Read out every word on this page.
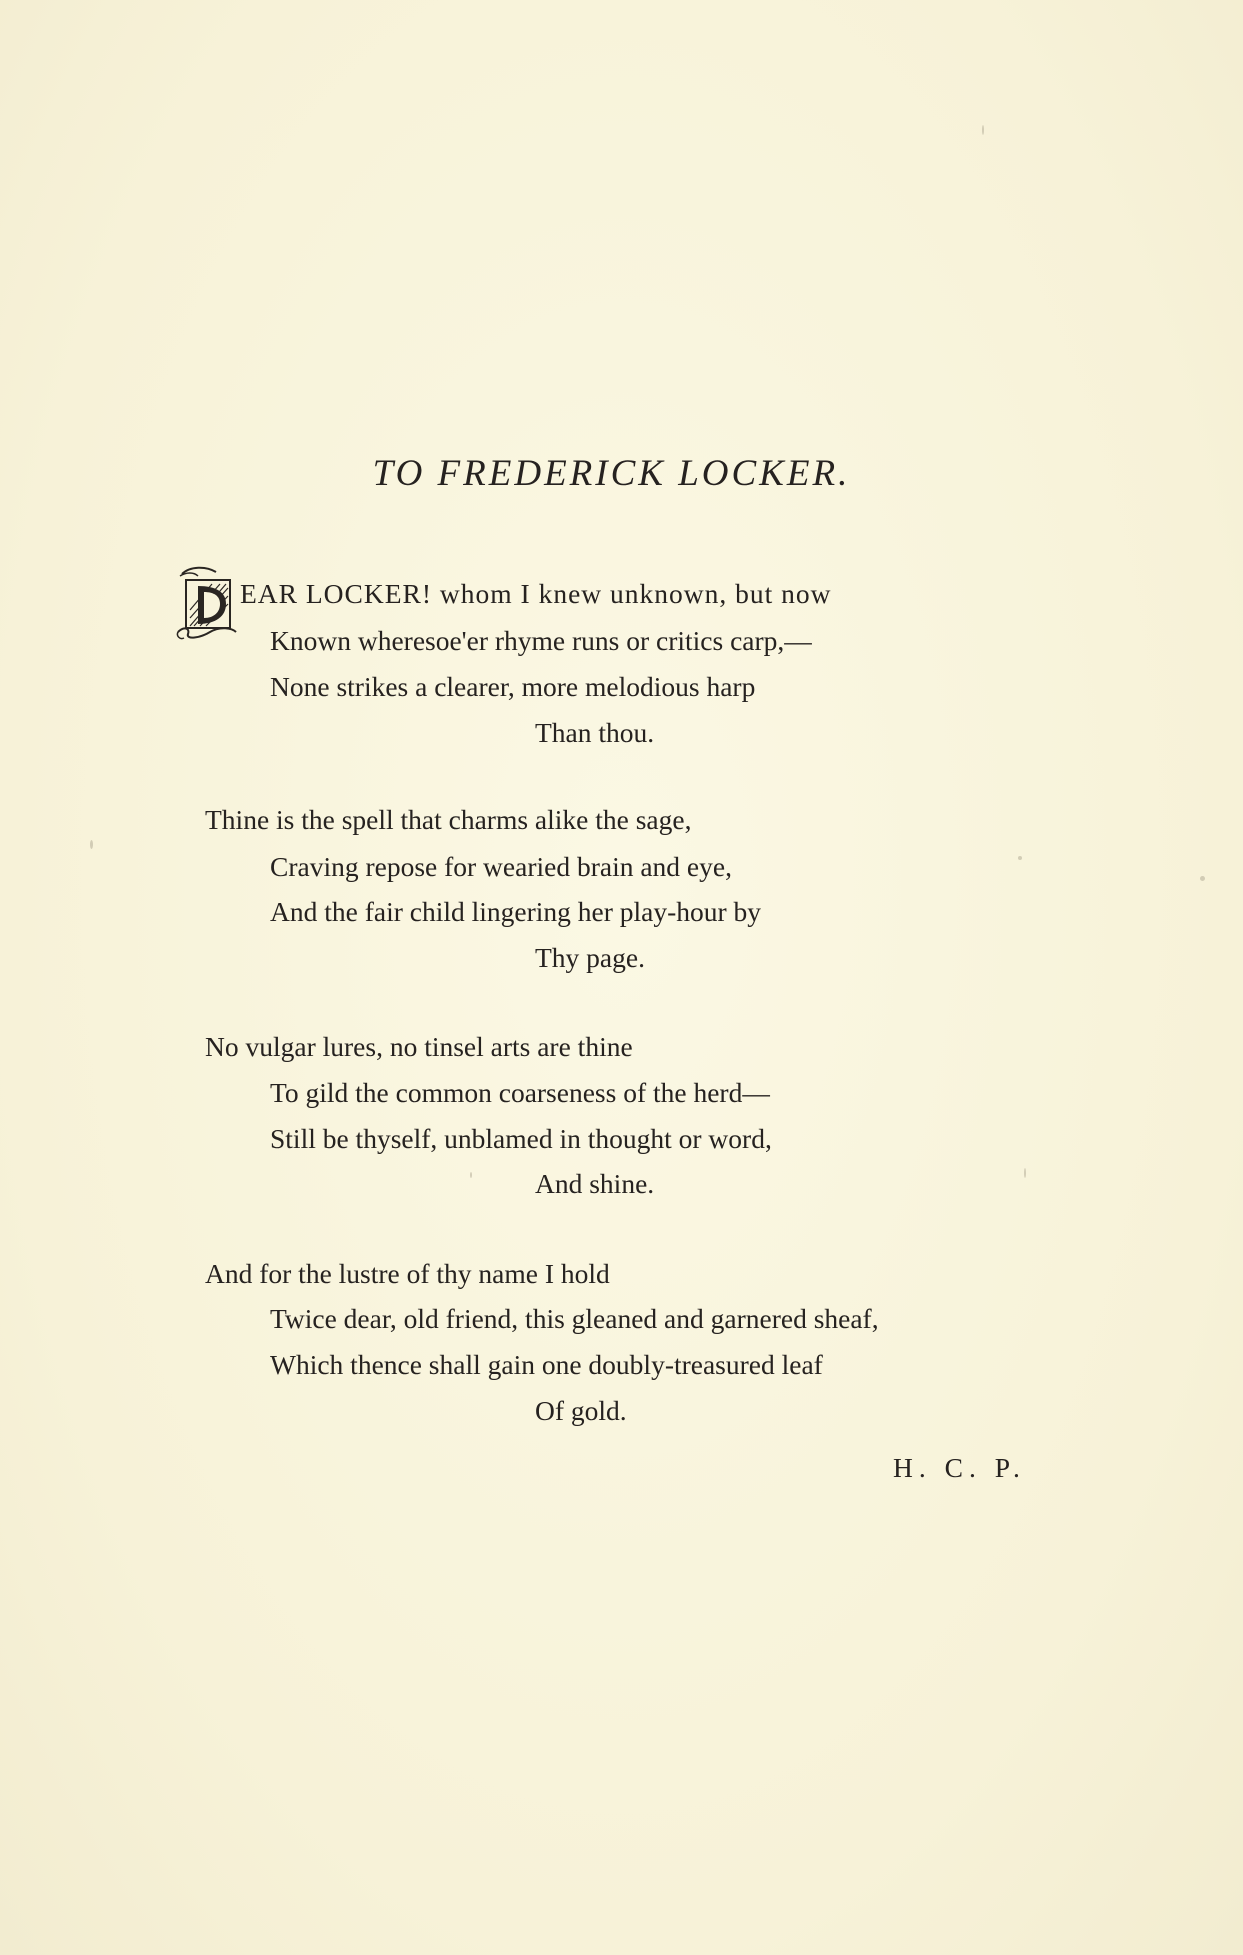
TO FREDERICK LOCKER.
EAR LOCKER! whom I knew unknown, but now
Known wheresoe'er rhyme runs or critics carp,—
None strikes a clearer, more melodious harp
Than thou.
Thine is the spell that charms alike the sage,
Craving repose for wearied brain and eye,
And the fair child lingering her play-hour by
Thy page.
No vulgar lures, no tinsel arts are thine
To gild the common coarseness of the herd—
Still be thyself, unblamed in thought or word,
And shine.
And for the lustre of thy name I hold
Twice dear, old friend, this gleaned and garnered sheaf,
Which thence shall gain one doubly-treasured leaf
Of gold.
H. C. P.
